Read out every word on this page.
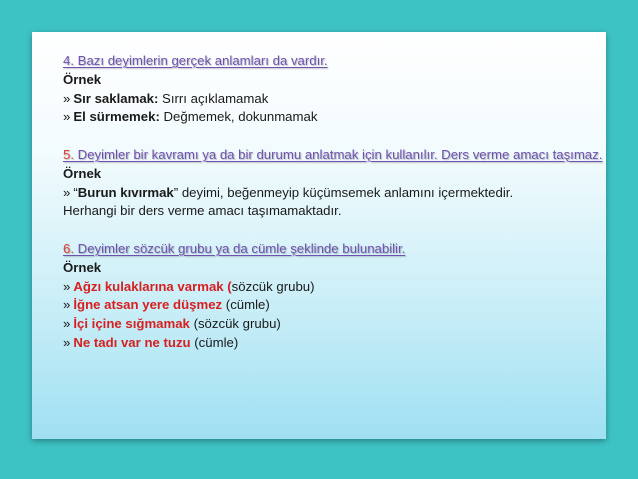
4. Bazı deyimlerin gerçek anlamları da vardır.

Örnek

» Sır saklamak: Sırrı açıklamamak

» El sürmemek: Değmemek, dokunmamak

5. Deyimler bir kavramı ya da bir durumu anlatmak için kullanılır. Ders verme amacı taşımaz.

Örnek

» “Burun kıvırmak” deyimi, beğenmeyip küçümsemek anlamını içermektedir.

Herhangi bir ders verme amacı taşımamaktadır.

6. Deyimler sözcük grubu ya da cümle şeklinde bulunabilir.

Örnek

» Ağzı kulaklarına varmak (sözcük grubu)

» İğne atsan yere düşmez (cümle)

» İçi içine sığmamak (sözcük grubu)

» Ne tadı var ne tuzu (cümle)
